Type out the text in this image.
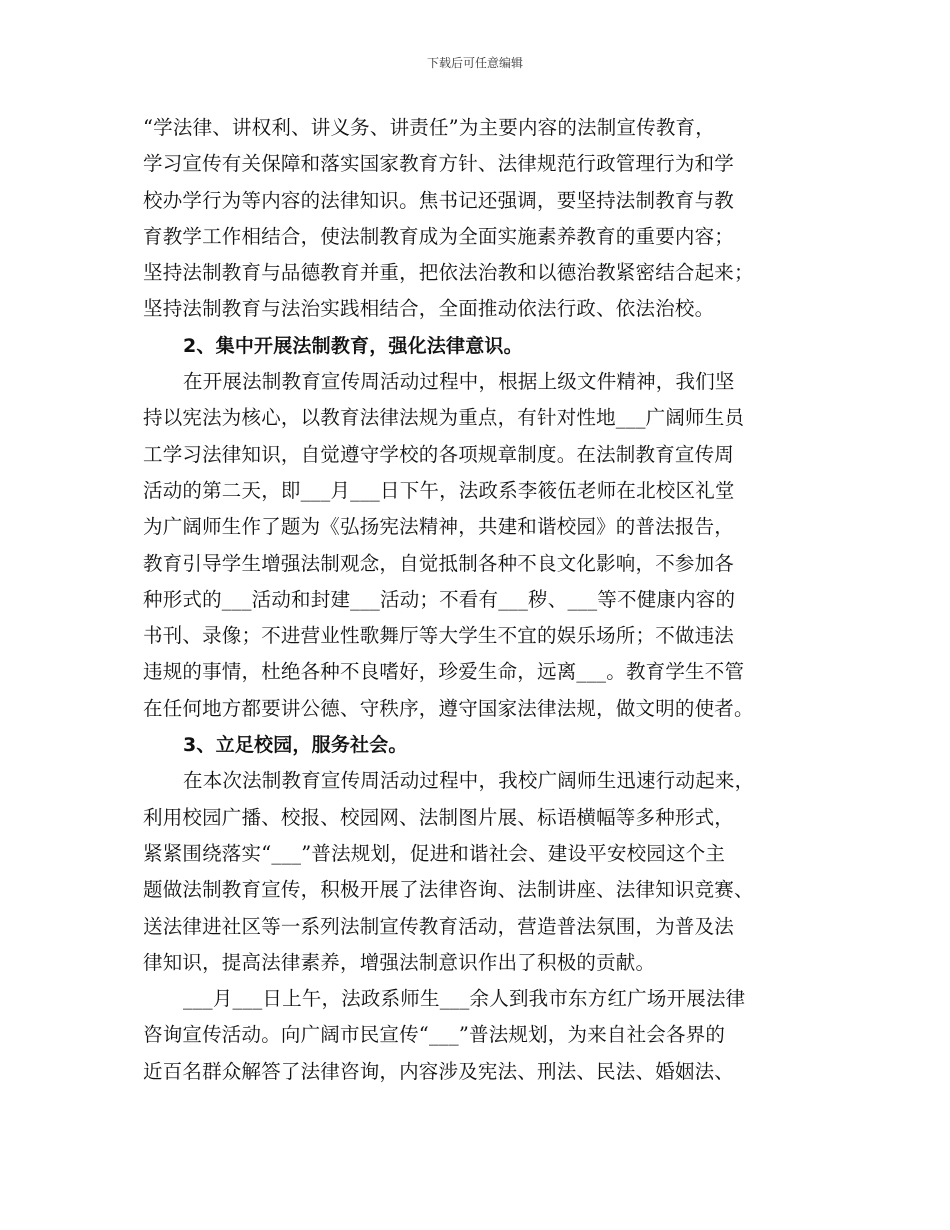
下载后可任意编辑
“学法律、讲权利、讲义务、讲责任”为主要内容的法制宣传教育，
学习宣传有关保障和落实国家教育方针、法律规范行政管理行为和学
校办学行为等内容的法律知识。焦书记还强调，要坚持法制教育与教
育教学工作相结合，使法制教育成为全面实施素养教育的重要内容；
坚持法制教育与品德教育并重，把依法治教和以德治教紧密结合起来；
坚持法制教育与法治实践相结合，全面推动依法行政、依法治校。
2、集中开展法制教育，强化法律意识。
在开展法制教育宣传周活动过程中，根据上级文件精神，我们坚
持以宪法为核心，以教育法律法规为重点，有针对性地___广阔师生员
工学习法律知识，自觉遵守学校的各项规章制度。在法制教育宣传周
活动的第二天，即___月___日下午，法政系李筱伍老师在北校区礼堂
为广阔师生作了题为《弘扬宪法精神，共建和谐校园》的普法报告，
教育引导学生增强法制观念，自觉抵制各种不良文化影响，不参加各
种形式的___活动和封建___活动；不看有___秽、___等不健康内容的
书刊、录像；不进营业性歌舞厅等大学生不宜的娱乐场所；不做违法
违规的事情，杜绝各种不良嗜好，珍爱生命，远离___。教育学生不管
在任何地方都要讲公德、守秩序，遵守国家法律法规，做文明的使者。
3、立足校园，服务社会。
在本次法制教育宣传周活动过程中，我校广阔师生迅速行动起来，
利用校园广播、校报、校园网、法制图片展、标语横幅等多种形式，
紧紧围绕落实“___”普法规划，促进和谐社会、建设平安校园这个主
题做法制教育宣传，积极开展了法律咨询、法制讲座、法律知识竞赛、
送法律进社区等一系列法制宣传教育活动，营造普法氛围，为普及法
律知识，提高法律素养，增强法制意识作出了积极的贡献。
___月___日上午，法政系师生___余人到我市东方红广场开展法律
咨询宣传活动。向广阔市民宣传“___”普法规划，为来自社会各界的
近百名群众解答了法律咨询，内容涉及宪法、刑法、民法、婚姻法、
